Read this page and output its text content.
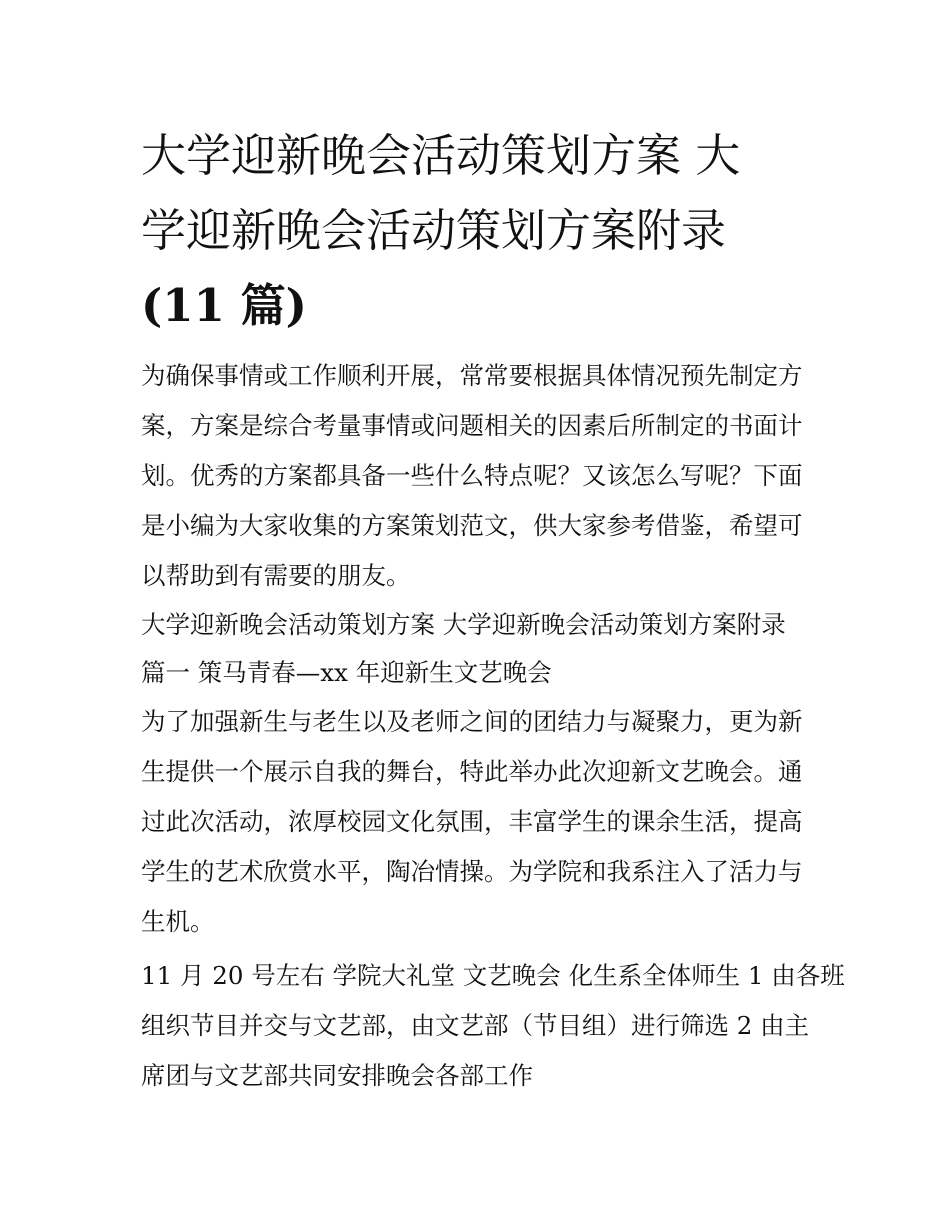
大学迎新晚会活动策划方案 大
学迎新晚会活动策划方案附录
(11 篇)

为确保事情或工作顺利开展，常常要根据具体情况预先制定方
案，方案是综合考量事情或问题相关的因素后所制定的书面计
划。优秀的方案都具备一些什么特点呢？又该怎么写呢？下面
是小编为大家收集的方案策划范文，供大家参考借鉴，希望可
以帮助到有需要的朋友。

大学迎新晚会活动策划方案 大学迎新晚会活动策划方案附录
篇一 策马青春—xx 年迎新生文艺晚会

为了加强新生与老生以及老师之间的团结力与凝聚力，更为新
生提供一个展示自我的舞台，特此举办此次迎新文艺晚会。通
过此次活动，浓厚校园文化氛围，丰富学生的课余生活，提高
学生的艺术欣赏水平，陶冶情操。为学院和我系注入了活力与
生机。

11 月 20 号左右 学院大礼堂 文艺晚会 化生系全体师生 1 由各班
组织节目并交与文艺部，由文艺部（节目组）进行筛选 2 由主
席团与文艺部共同安排晚会各部工作
